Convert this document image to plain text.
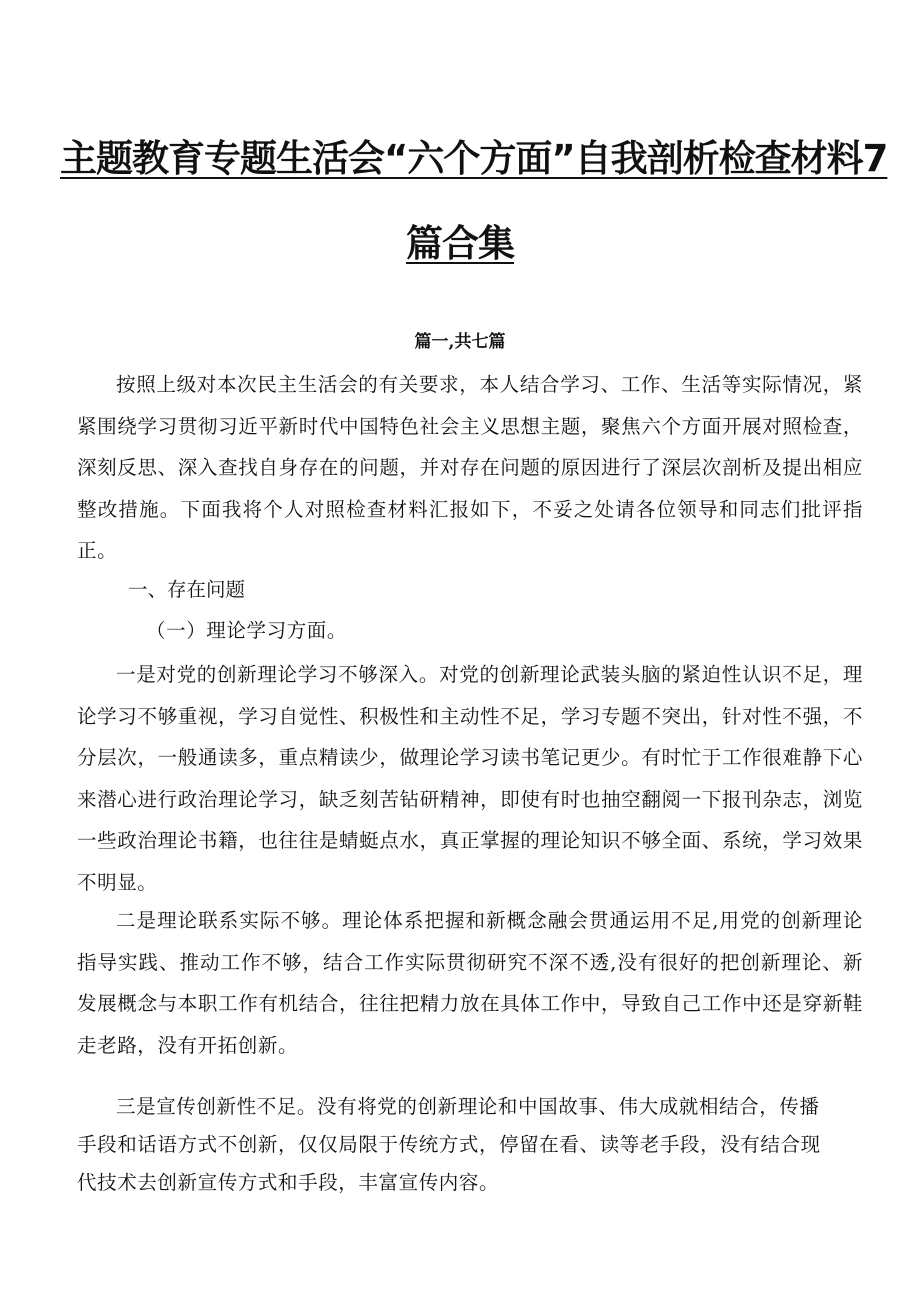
主题教育专题生活会“六个方面”自我剖析检查材料7
篇合集
篇一,共七篇

按照上级对本次民主生活会的有关要求，本人结合学习、工作、生活等实际情况，紧紧围绕学习贯彻习近平新时代中国特色社会主义思想主题，聚焦六个方面开展对照检查，深刻反思、深入查找自身存在的问题，并对存在问题的原因进行了深层次剖析及提出相应整改措施。下面我将个人对照检查材料汇报如下，不妥之处请各位领导和同志们批评指正。

一、存在问题
（一）理论学习方面。

一是对党的创新理论学习不够深入。对党的创新理论武装头脑的紧迫性认识不足，理论学习不够重视，学习自觉性、积极性和主动性不足，学习专题不突出，针对性不强，不分层次，一般通读多，重点精读少，做理论学习读书笔记更少。有时忙于工作很难静下心来潜心进行政治理论学习，缺乏刻苦钻研精神，即使有时也抽空翻阅一下报刊杂志，浏览一些政治理论书籍，也往往是蜻蜓点水，真正掌握的理论知识不够全面、系统，学习效果不明显。

二是理论联系实际不够。理论体系把握和新概念融会贯通运用不足,用党的创新理论指导实践、推动工作不够，结合工作实际贯彻研究不深不透,没有很好的把创新理论、新发展概念与本职工作有机结合，往往把精力放在具体工作中，导致自己工作中还是穿新鞋走老路，没有开拓创新。

三是宣传创新性不足。没有将党的创新理论和中国故事、伟大成就相结合，传播手段和话语方式不创新，仅仅局限于传统方式，停留在看、读等老手段，没有结合现代技术去创新宣传方式和手段，丰富宣传内容。
